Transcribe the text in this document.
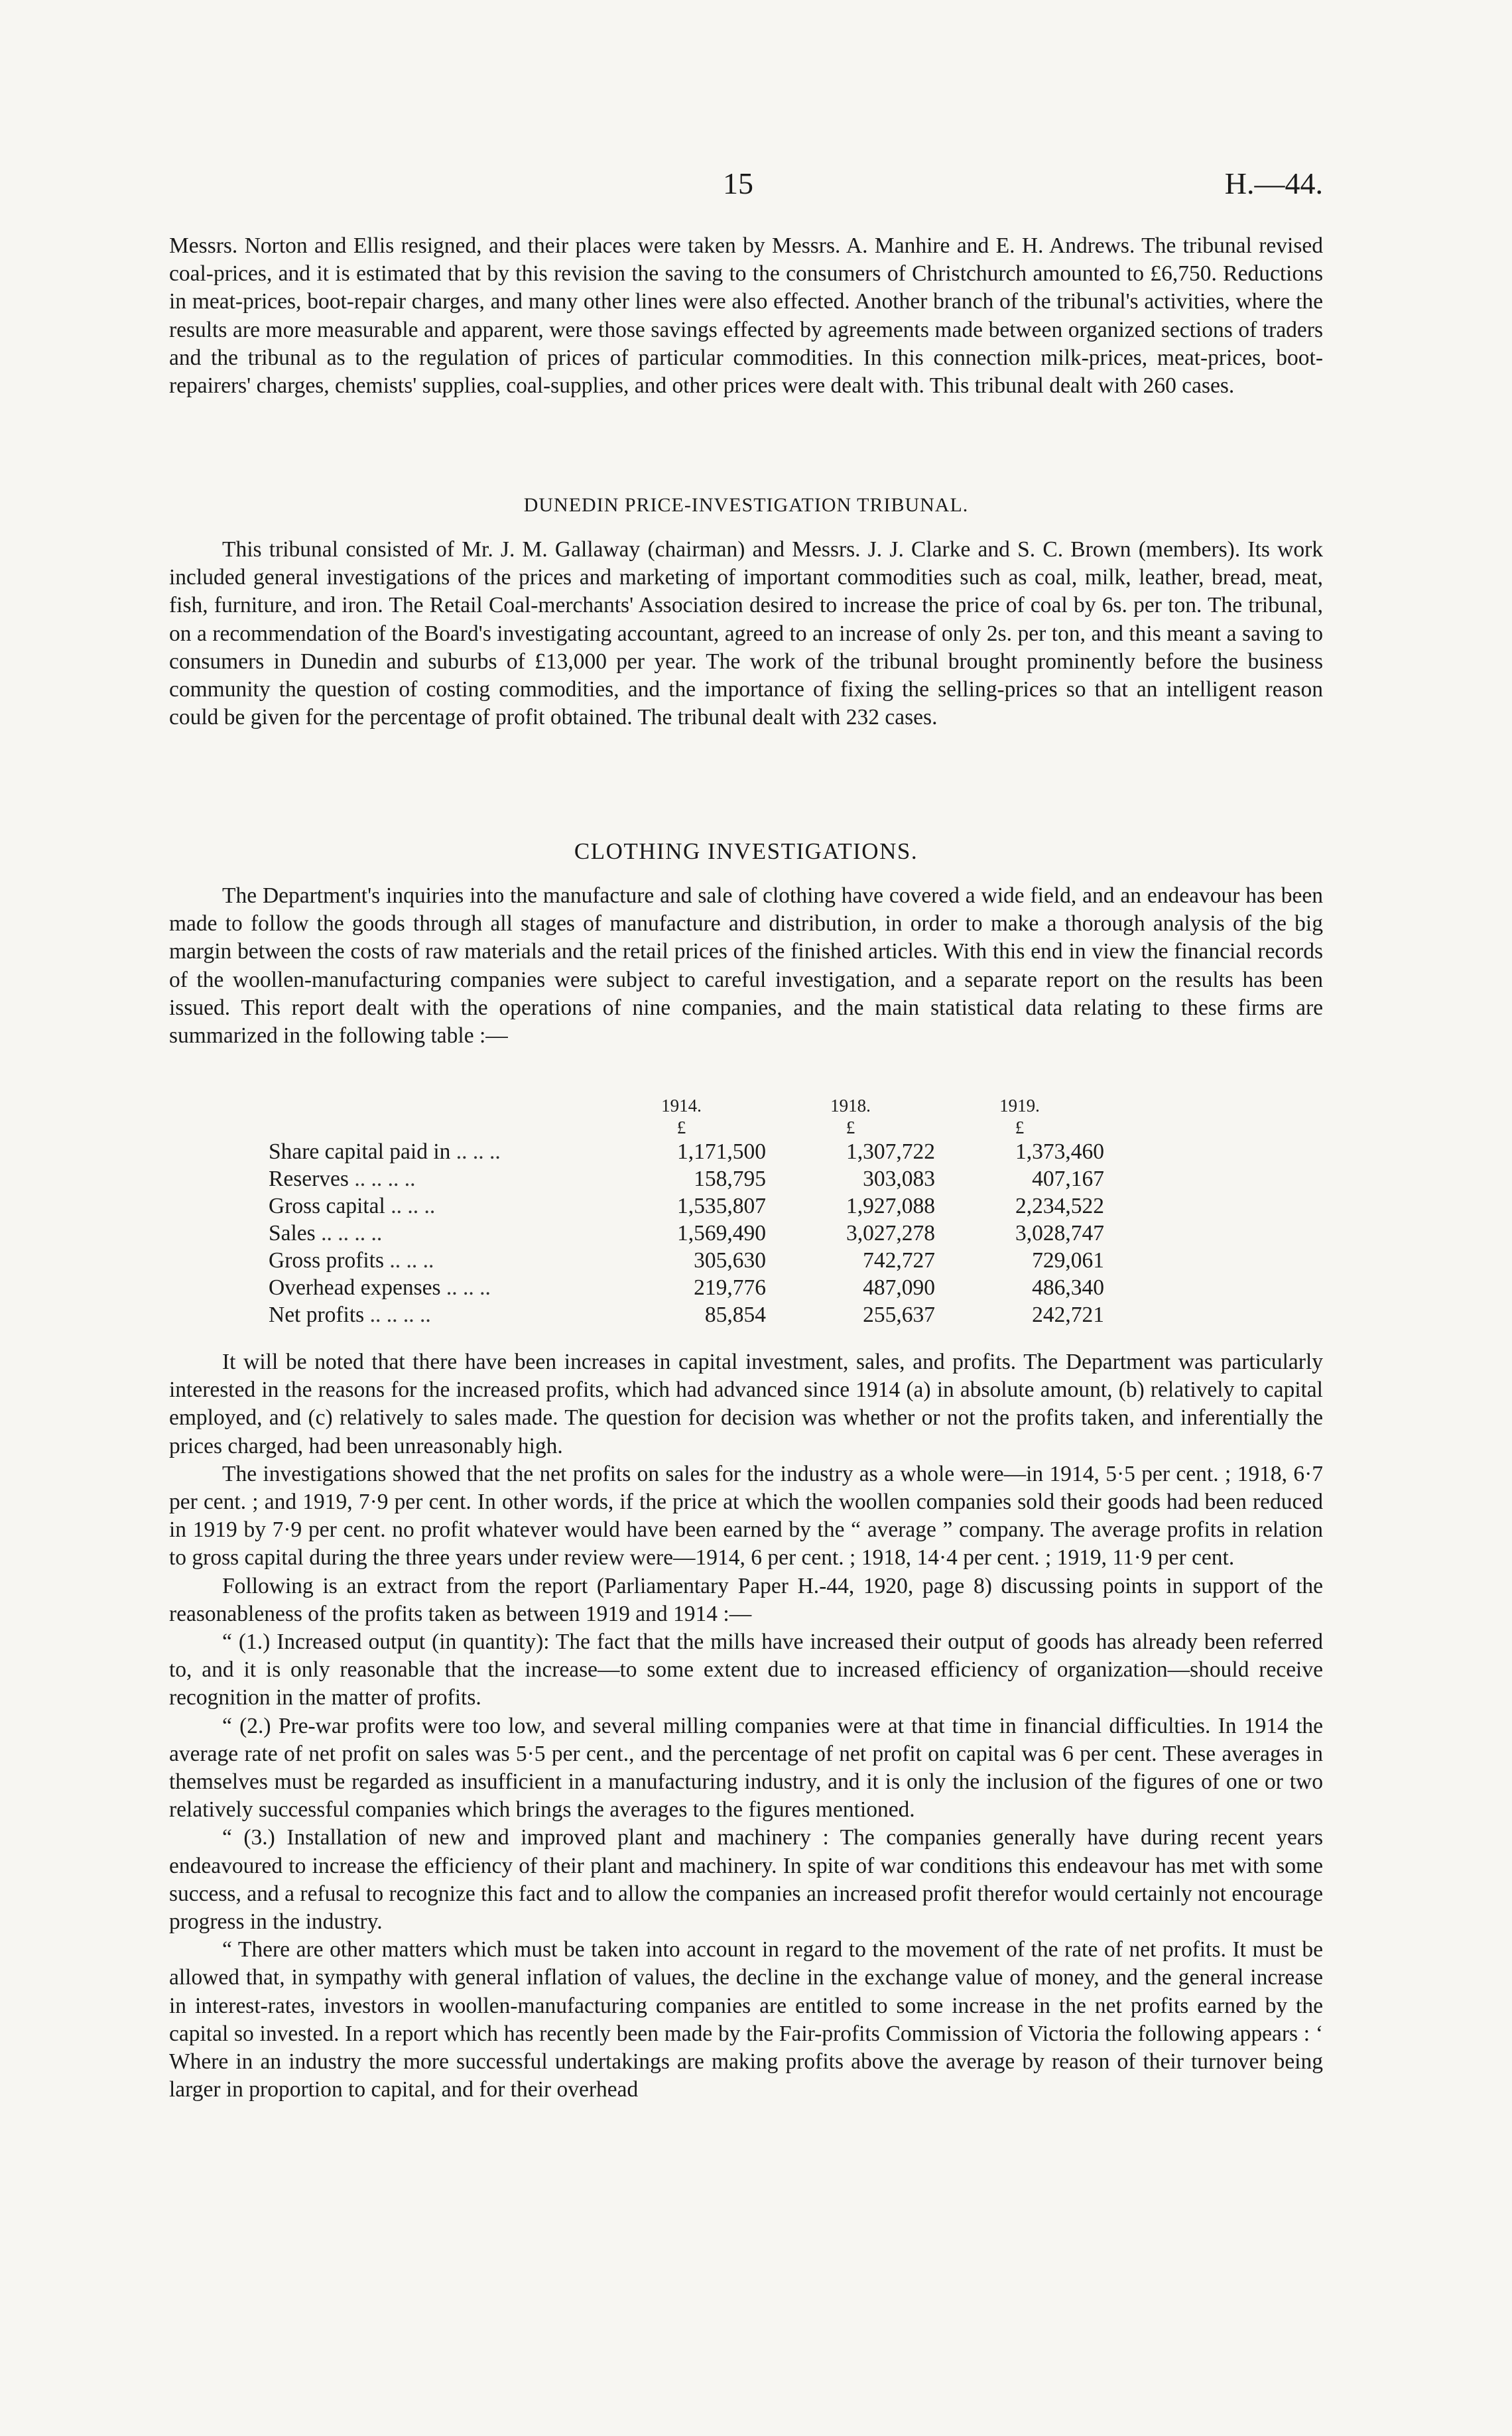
15	H.—44.

Messrs. Norton and Ellis resigned, and their places were taken by Messrs. A. Manhire and E. H. Andrews. The tribunal revised coal-prices, and it is estimated that by this revision the saving to the consumers of Christchurch amounted to £6,750. Reductions in meat-prices, boot-repair charges, and many other lines were also effected. Another branch of the tribunal's activities, where the results are more measurable and apparent, were those savings effected by agreements made between organized sections of traders and the tribunal as to the regulation of prices of particular commodities. In this connection milk-prices, meat-prices, boot-repairers' charges, chemists' supplies, coal-supplies, and other prices were dealt with. This tribunal dealt with 260 cases.

DUNEDIN PRICE-INVESTIGATION TRIBUNAL.

This tribunal consisted of Mr. J. M. Gallaway (chairman) and Messrs. J. J. Clarke and S. C. Brown (members). Its work included general investigations of the prices and marketing of important commodities such as coal, milk, leather, bread, meat, fish, furniture, and iron. The Retail Coal-merchants' Association desired to increase the price of coal by 6s. per ton. The tribunal, on a recommendation of the Board's investigating accountant, agreed to an increase of only 2s. per ton, and this meant a saving to consumers in Dunedin and suburbs of £13,000 per year. The work of the tribunal brought prominently before the business community the question of costing commodities, and the importance of fixing the selling-prices so that an intelligent reason could be given for the percentage of profit obtained. The tribunal dealt with 232 cases.

CLOTHING INVESTIGATIONS.

The Department's inquiries into the manufacture and sale of clothing have covered a wide field, and an endeavour has been made to follow the goods through all stages of manufacture and distribution, in order to make a thorough analysis of the big margin between the costs of raw materials and the retail prices of the finished articles. With this end in view the financial records of the woollen-manufacturing companies were subject to careful investigation, and a separate report on the results has been issued. This report dealt with the operations of nine companies, and the main statistical data relating to these firms are summarized in the following table :—

	1914.	1918.	1919.
	£	£	£
Share capital paid in .. .. ..	1,171,500	1,307,722	1,373,460
Reserves .. .. .. ..	158,795	303,083	407,167
Gross capital .. .. ..	1,535,807	1,927,088	2,234,522
Sales .. .. .. ..	1,569,490	3,027,278	3,028,747
Gross profits .. .. ..	305,630	742,727	729,061
Overhead expenses .. .. ..	219,776	487,090	486,340
Net profits .. .. .. ..	85,854	255,637	242,721

It will be noted that there have been increases in capital investment, sales, and profits. The Department was particularly interested in the reasons for the increased profits, which had advanced since 1914 (a) in absolute amount, (b) relatively to capital employed, and (c) relatively to sales made. The question for decision was whether or not the profits taken, and inferentially the prices charged, had been unreasonably high.

The investigations showed that the net profits on sales for the industry as a whole were—in 1914, 5·5 per cent. ; 1918, 6·7 per cent. ; and 1919, 7·9 per cent. In other words, if the price at which the woollen companies sold their goods had been reduced in 1919 by 7·9 per cent. no profit whatever would have been earned by the “ average ” company. The average profits in relation to gross capital during the three years under review were—1914, 6 per cent. ; 1918, 14·4 per cent. ; 1919, 11·9 per cent.

Following is an extract from the report (Parliamentary Paper H.-44, 1920, page 8) discussing points in support of the reasonableness of the profits taken as between 1919 and 1914 :—

“ (1.) Increased output (in quantity): The fact that the mills have increased their output of goods has already been referred to, and it is only reasonable that the increase—to some extent due to increased efficiency of organization—should receive recognition in the matter of profits.

“ (2.) Pre-war profits were too low, and several milling companies were at that time in financial difficulties. In 1914 the average rate of net profit on sales was 5·5 per cent., and the percentage of net profit on capital was 6 per cent. These averages in themselves must be regarded as insufficient in a manufacturing industry, and it is only the inclusion of the figures of one or two relatively successful companies which brings the averages to the figures mentioned.

“ (3.) Installation of new and improved plant and machinery : The companies generally have during recent years endeavoured to increase the efficiency of their plant and machinery. In spite of war conditions this endeavour has met with some success, and a refusal to recognize this fact and to allow the companies an increased profit therefor would certainly not encourage progress in the industry.

“ There are other matters which must be taken into account in regard to the movement of the rate of net profits. It must be allowed that, in sympathy with general inflation of values, the decline in the exchange value of money, and the general increase in interest-rates, investors in woollen-manufacturing companies are entitled to some increase in the net profits earned by the capital so invested. In a report which has recently been made by the Fair-profits Commission of Victoria the following appears : ‘ Where in an industry the more successful undertakings are making profits above the average by reason of their turnover being larger in proportion to capital, and for their overhead
